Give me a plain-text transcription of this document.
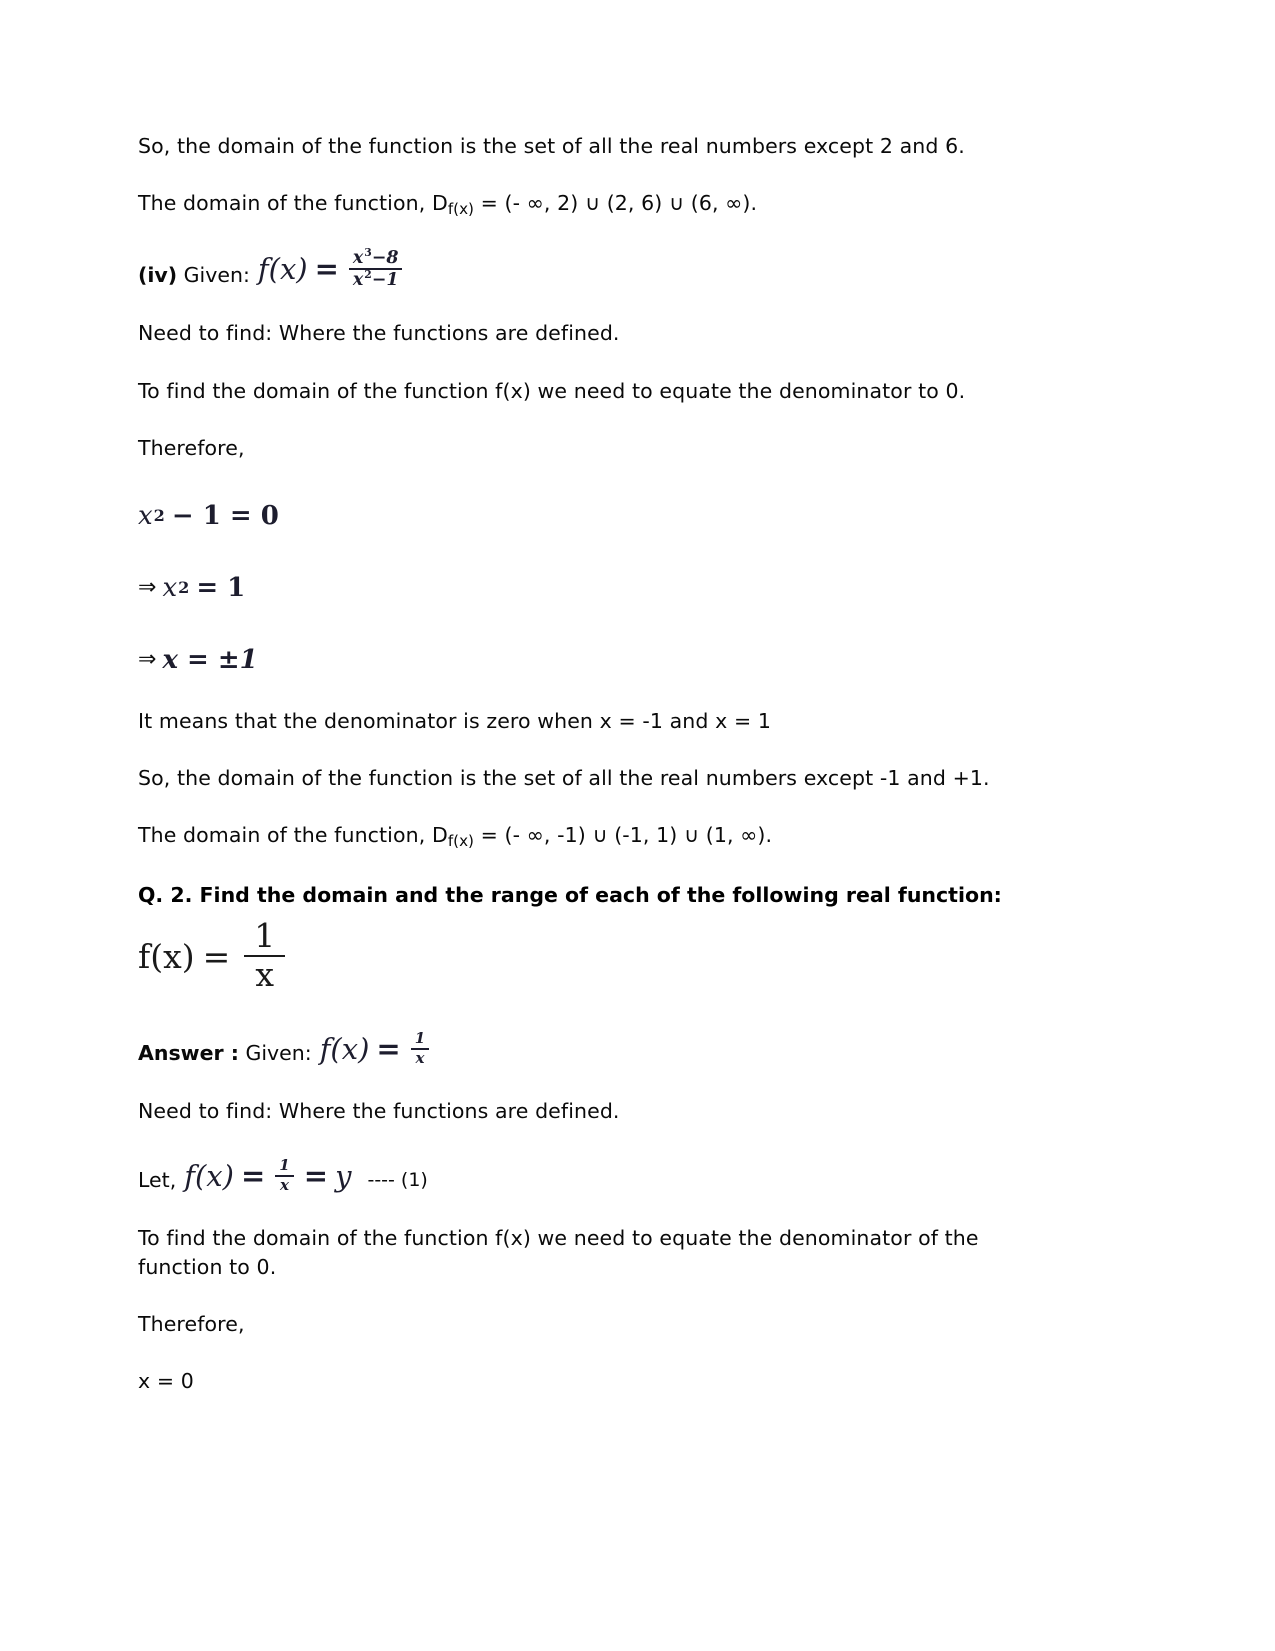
So, the domain of the function is the set of all the real numbers except 2 and 6.

The domain of the function, $D_{f(x)}$ = (- ∞, 2) ∪ (2, 6) ∪ (6, ∞).

(iv) Given: $f(x) = \frac{x^3-8}{x^2-1}$

Need to find: Where the functions are defined.

To find the domain of the function f(x) we need to equate the denominator to 0.

Therefore,

x 2 − 1 = 0
⇒ x 2 = 1
⇒ x = ±1

It means that the denominator is zero when x = -1 and x = 1

So, the domain of the function is the set of all the real numbers except -1 and +1.

The domain of the function, $D_{f(x)}$ = (- ∞, -1) ∪ (-1, 1) ∪ (1, ∞).

Q. 2. Find the domain and the range of each of the following real function:

$f(x) = \frac{1}{x}$
Answer : Given: $f(x) = \frac{1}{x}$

Need to find: Where the functions are defined.

Let, $f(x) = \frac{1}{x} = y$ ---- (1)

To find the domain of the function f(x) we need to equate the denominator of the function to 0.

Therefore,

x = 0
